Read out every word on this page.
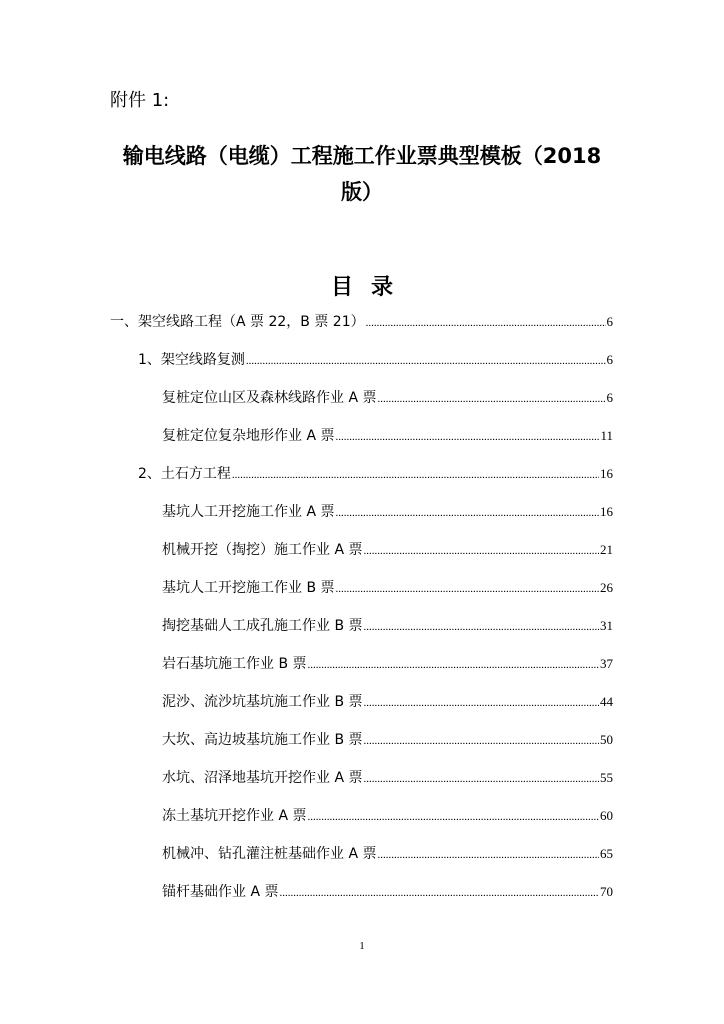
附件 1:
输电线路（电缆）工程施工作业票典型模板（2018
版）
目录
一、架空线路工程（A 票 22，B 票 21） .....	6
1、架空线路复测 .....	6
复桩定位山区及森林线路作业 A 票 .....	6
复桩定位复杂地形作业 A 票 .....	11
2、土石方工程 .....	16
基坑人工开挖施工作业 A 票 .....	16
机械开挖（掏挖）施工作业 A 票 .....	21
基坑人工开挖施工作业 B 票 .....	26
掏挖基础人工成孔施工作业 B 票 .....	31
岩石基坑施工作业 B 票 .....	37
泥沙、流沙坑基坑施工作业 B 票 .....	44
大坎、高边坡基坑施工作业 B 票 .....	50
水坑、沼泽地基坑开挖作业 A 票 .....	55
冻土基坑开挖作业 A 票 .....	60
机械冲、钻孔灌注桩基础作业 A 票 .....	65
锚杆基础作业 A 票 .....	70
1
